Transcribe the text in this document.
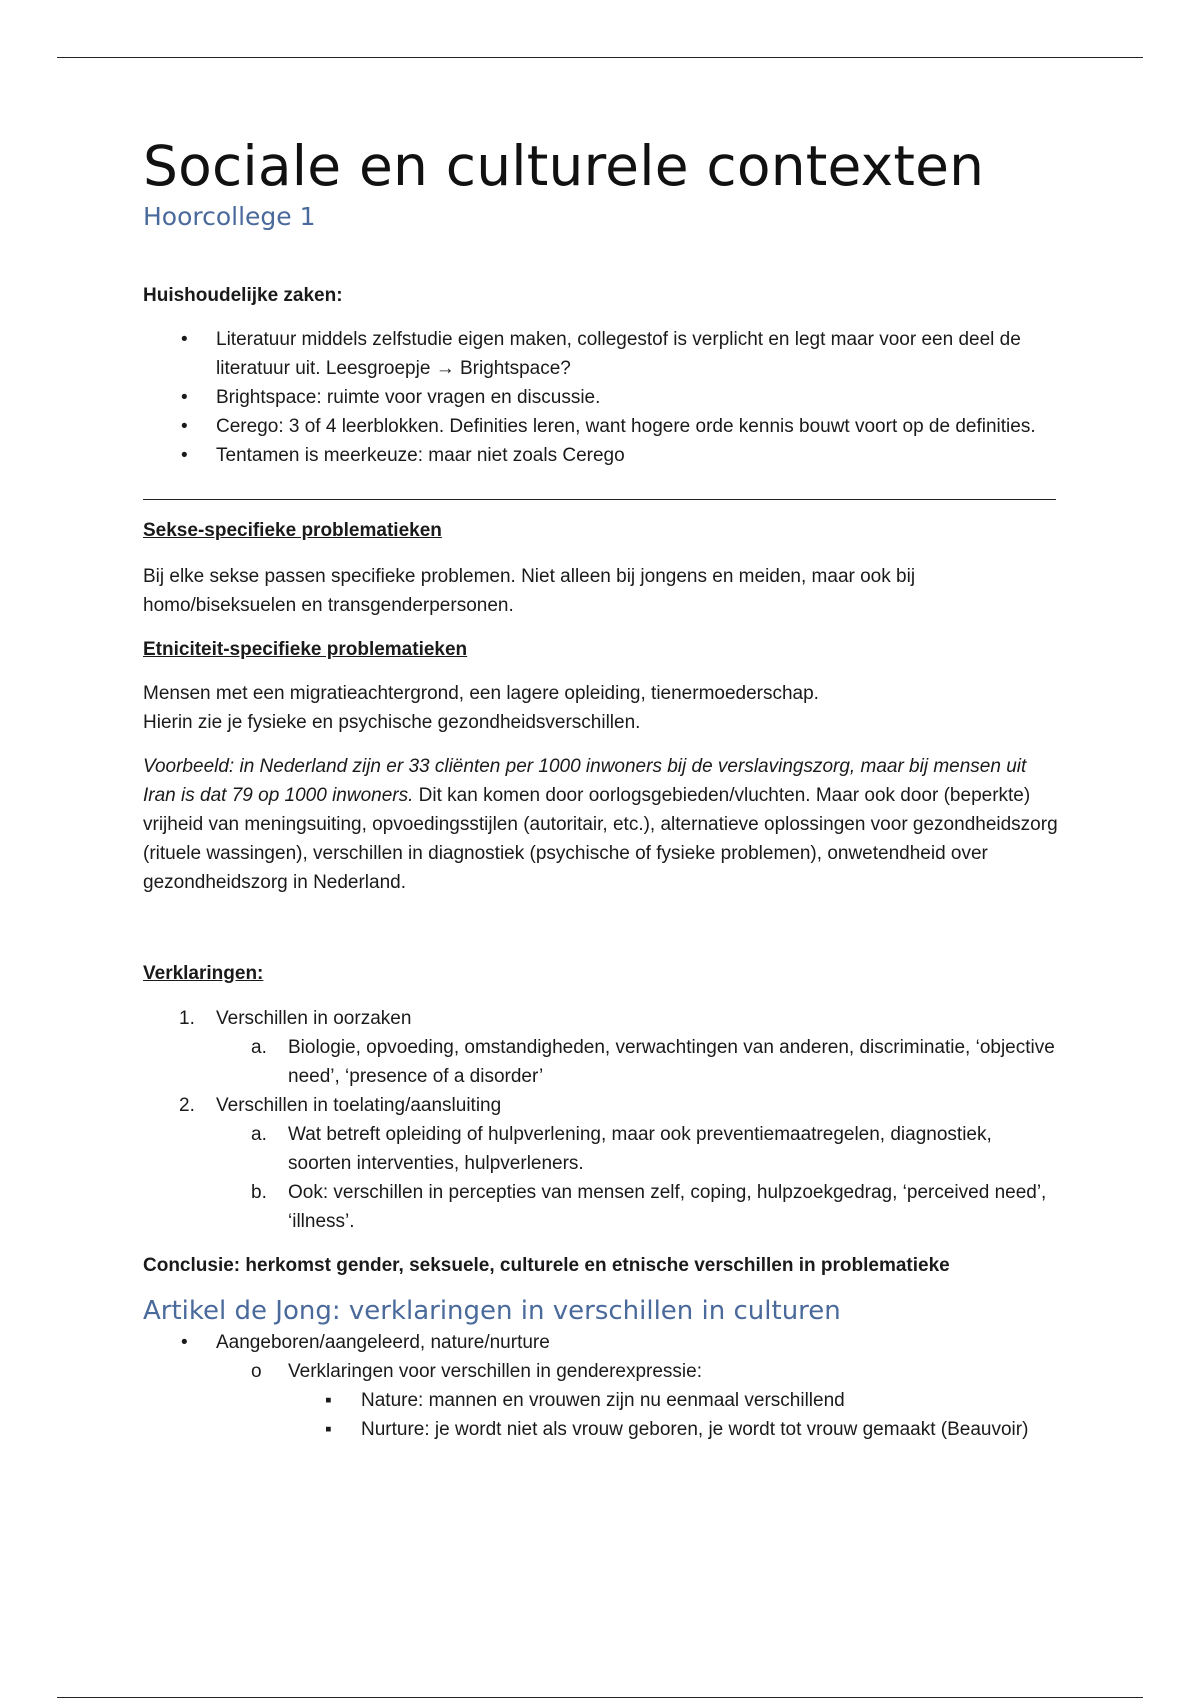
Sociale en culturele contexten
Hoorcollege 1

Huishoudelijke zaken:

•	Literatuur middels zelfstudie eigen maken, collegestof is verplicht en legt maar voor een deel de literatuur uit. Leesgroepje → Brightspace?
•	Brightspace: ruimte voor vragen en discussie.
•	Cerego: 3 of 4 leerblokken. Definities leren, want hogere orde kennis bouwt voort op de definities.
•	Tentamen is meerkeuze: maar niet zoals Cerego

Sekse-specifieke problematieken

Bij elke sekse passen specifieke problemen. Niet alleen bij jongens en meiden, maar ook bij homo/biseksuelen en transgenderpersonen.

Etniciteit-specifieke problematieken

Mensen met een migratieachtergrond, een lagere opleiding, tienermoederschap.

Hierin zie je fysieke en psychische gezondheidsverschillen.

Voorbeeld: in Nederland zijn er 33 cliënten per 1000 inwoners bij de verslavingszorg, maar bij mensen uit Iran is dat 79 op 1000 inwoners. Dit kan komen door oorlogsgebieden/vluchten. Maar ook door (beperkte) vrijheid van meningsuiting, opvoedingsstijlen (autoritair, etc.), alternatieve oplossingen voor gezondheidszorg (rituele wassingen), verschillen in diagnostiek (psychische of fysieke problemen), onwetendheid over gezondheidszorg in Nederland.

Verklaringen:

1. Verschillen in oorzaken
a.	Biologie, opvoeding, omstandigheden, verwachtingen van anderen, discriminatie, ‘objective need’, ‘presence of a disorder’
2. Verschillen in toelating/aansluiting
a.	Wat betreft opleiding of hulpverlening, maar ook preventiemaatregelen, diagnostiek, soorten interventies, hulpverleners.
b.	Ook: verschillen in percepties van mensen zelf, coping, hulpzoekgedrag, ‘perceived need’, ‘illness’.

Conclusie: herkomst gender, seksuele, culturele en etnische verschillen in problematieke

Artikel de Jong: verklaringen in verschillen in culturen
•	Aangeboren/aangeleerd, nature/nurture
o	Verklaringen voor verschillen in genderexpressie:
▪	Nature: mannen en vrouwen zijn nu eenmaal verschillend
▪	Nurture: je wordt niet als vrouw geboren, je wordt tot vrouw gemaakt (Beauvoir)
